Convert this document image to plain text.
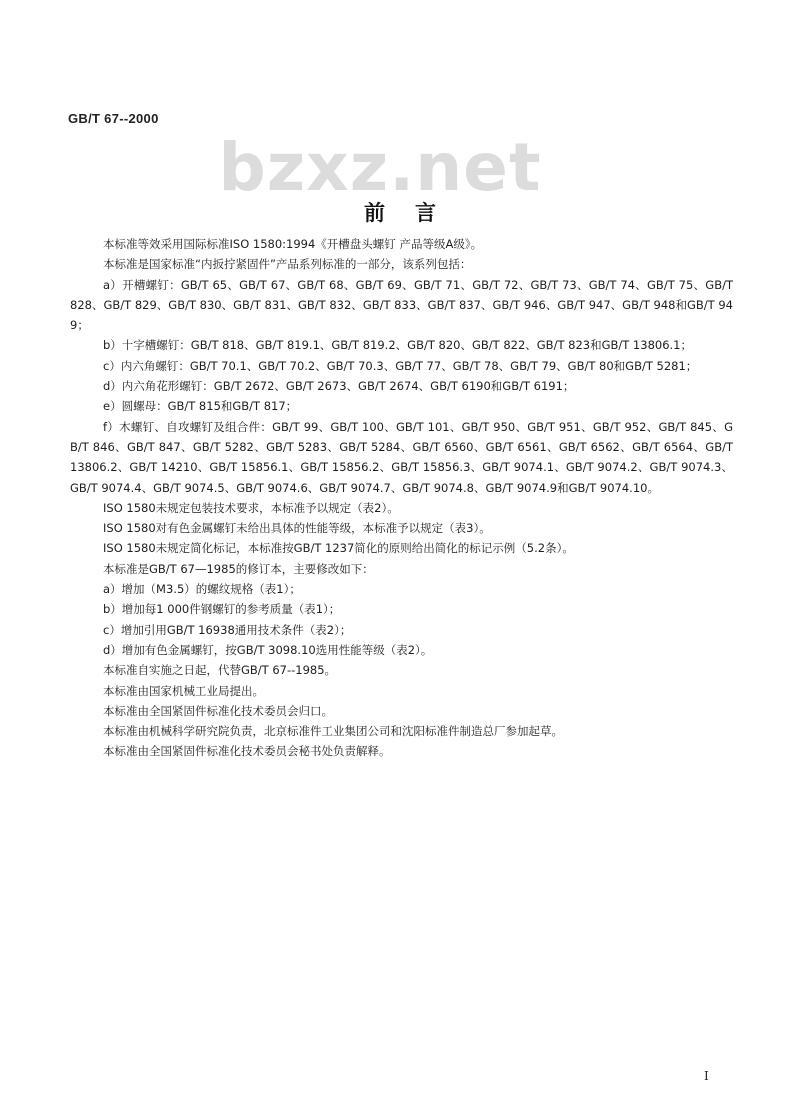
GB/T 67--2000
bzxz.net
前言

本标准等效采用国际标准ISO 1580:1994《开槽盘头螺钉 产品等级A级》。

本标准是国家标准“内扳拧紧固件”产品系列标准的一部分，该系列包括：

a）开槽螺钉：GB/T 65、GB/T 67、GB/T 68、GB/T 69、GB/T 71、GB/T 72、GB/T 73、GB/T 74、GB/T 75、GB/T 828、GB/T 829、GB/T 830、GB/T 831、GB/T 832、GB/T 833、GB/T 837、GB/T 946、GB/T 947、GB/T 948和GB/T 949；

b）十字槽螺钉：GB/T 818、GB/T 819.1、GB/T 819.2、GB/T 820、GB/T 822、GB/T 823和GB/T 13806.1；

c）内六角螺钉：GB/T 70.1、GB/T 70.2、GB/T 70.3、GB/T 77、GB/T 78、GB/T 79、GB/T 80和GB/T 5281；

d）内六角花形螺钉：GB/T 2672、GB/T 2673、GB/T 2674、GB/T 6190和GB/T 6191；

e）圆螺母：GB/T 815和GB/T 817；

f）木螺钉、自攻螺钉及组合件：GB/T 99、GB/T 100、GB/T 101、GB/T 950、GB/T 951、GB/T 952、GB/T 845、GB/T 846、GB/T 847、GB/T 5282、GB/T 5283、GB/T 5284、GB/T 6560、GB/T 6561、GB/T 6562、GB/T 6564、GB/T 13806.2、GB/T 14210、GB/T 15856.1、GB/T 15856.2、GB/T 15856.3、GB/T 9074.1、GB/T 9074.2、GB/T 9074.3、GB/T 9074.4、GB/T 9074.5、GB/T 9074.6、GB/T 9074.7、GB/T 9074.8、GB/T 9074.9和GB/T 9074.10。

ISO 1580未规定包装技术要求，本标准予以规定（表2）。

ISO 1580对有色金属螺钉未给出具体的性能等级，本标准予以规定（表3）。

ISO 1580未规定简化标记，本标准按GB/T 1237简化的原则给出简化的标记示例（5.2条）。

本标准是GB/T 67—1985的修订本，主要修改如下：

a）增加（M3.5）的螺纹规格（表1）；

b）增加每1 000件钢螺钉的参考质量（表1）；

c）增加引用GB/T 16938通用技术条件（表2）；

d）增加有色金属螺钉，按GB/T 3098.10选用性能等级（表2）。

本标准自实施之日起，代替GB/T 67--1985。

本标准由国家机械工业局提出。

本标准由全国紧固件标准化技术委员会归口。

本标准由机械科学研究院负责，北京标准件工业集团公司和沈阳标准件制造总厂参加起草。

本标准由全国紧固件标准化技术委员会秘书处负责解释。

I
